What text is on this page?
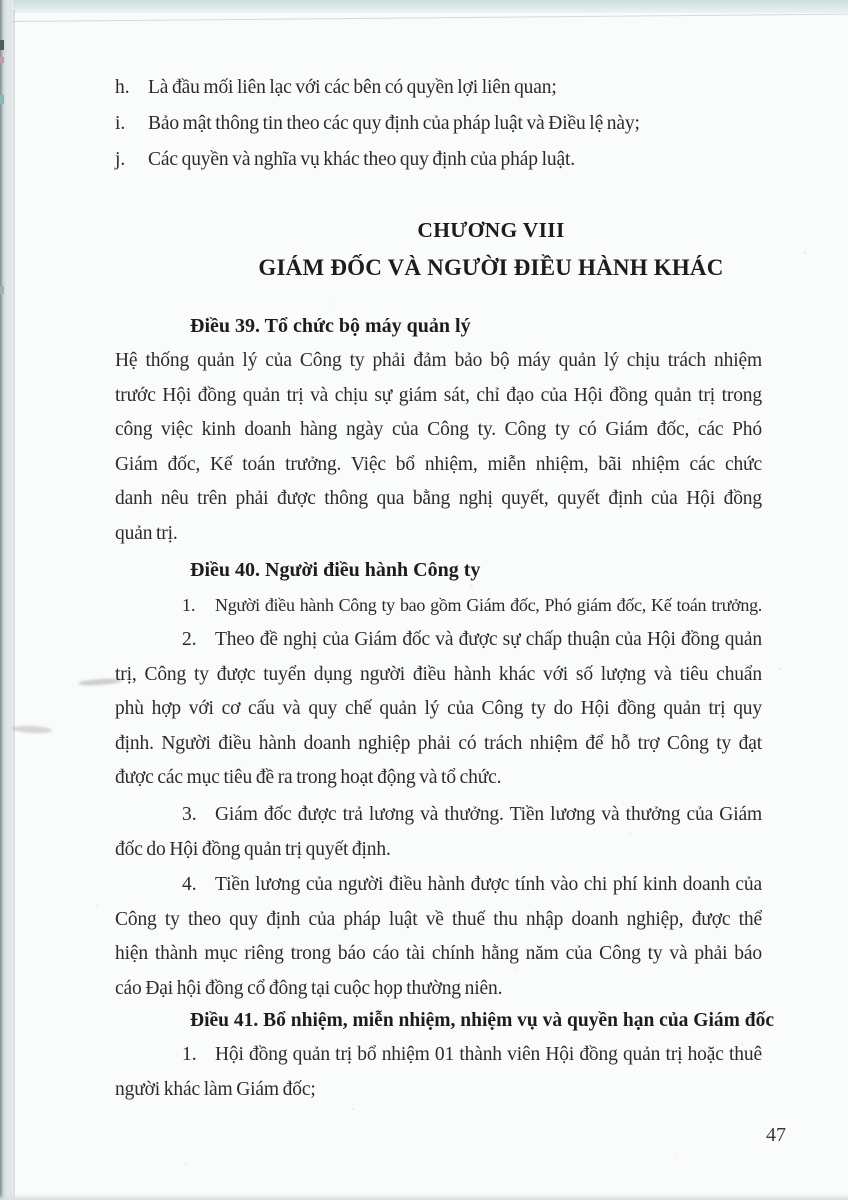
h. Là đầu mối liên lạc với các bên có quyền lợi liên quan;
i. Bảo mật thông tin theo các quy định của pháp luật và Điều lệ này;
j. Các quyền và nghĩa vụ khác theo quy định của pháp luật.
CHƯƠNG VIII
GIÁM ĐỐC VÀ NGƯỜI ĐIỀU HÀNH KHÁC
Điều 39. Tổ chức bộ máy quản lý
Hệ thống quản lý của Công ty phải đảm bảo bộ máy quản lý chịu trách nhiệm
trước Hội đồng quản trị và chịu sự giám sát, chỉ đạo của Hội đồng quản trị trong
công việc kinh doanh hàng ngày của Công ty. Công ty có Giám đốc, các Phó
Giám đốc, Kế toán trưởng. Việc bổ nhiệm, miễn nhiệm, bãi nhiệm các chức
danh nêu trên phải được thông qua bằng nghị quyết, quyết định của Hội đồng
quản trị.
Điều 40. Người điều hành Công ty
1. Người điều hành Công ty bao gồm Giám đốc, Phó giám đốc, Kế toán trưởng.
2. Theo đề nghị của Giám đốc và được sự chấp thuận của Hội đồng quản
trị, Công ty được tuyển dụng người điều hành khác với số lượng và tiêu chuẩn
phù hợp với cơ cấu và quy chế quản lý của Công ty do Hội đồng quản trị quy
định. Người điều hành doanh nghiệp phải có trách nhiệm để hỗ trợ Công ty đạt
được các mục tiêu đề ra trong hoạt động và tổ chức.
3. Giám đốc được trả lương và thưởng. Tiền lương và thưởng của Giám
đốc do Hội đồng quản trị quyết định.
4. Tiền lương của người điều hành được tính vào chi phí kinh doanh của
Công ty theo quy định của pháp luật về thuế thu nhập doanh nghiệp, được thể
hiện thành mục riêng trong báo cáo tài chính hằng năm của Công ty và phải báo
cáo Đại hội đồng cổ đông tại cuộc họp thường niên.
Điều 41. Bổ nhiệm, miễn nhiệm, nhiệm vụ và quyền hạn của Giám đốc
1. Hội đồng quản trị bổ nhiệm 01 thành viên Hội đồng quản trị hoặc thuê
người khác làm Giám đốc;
47
